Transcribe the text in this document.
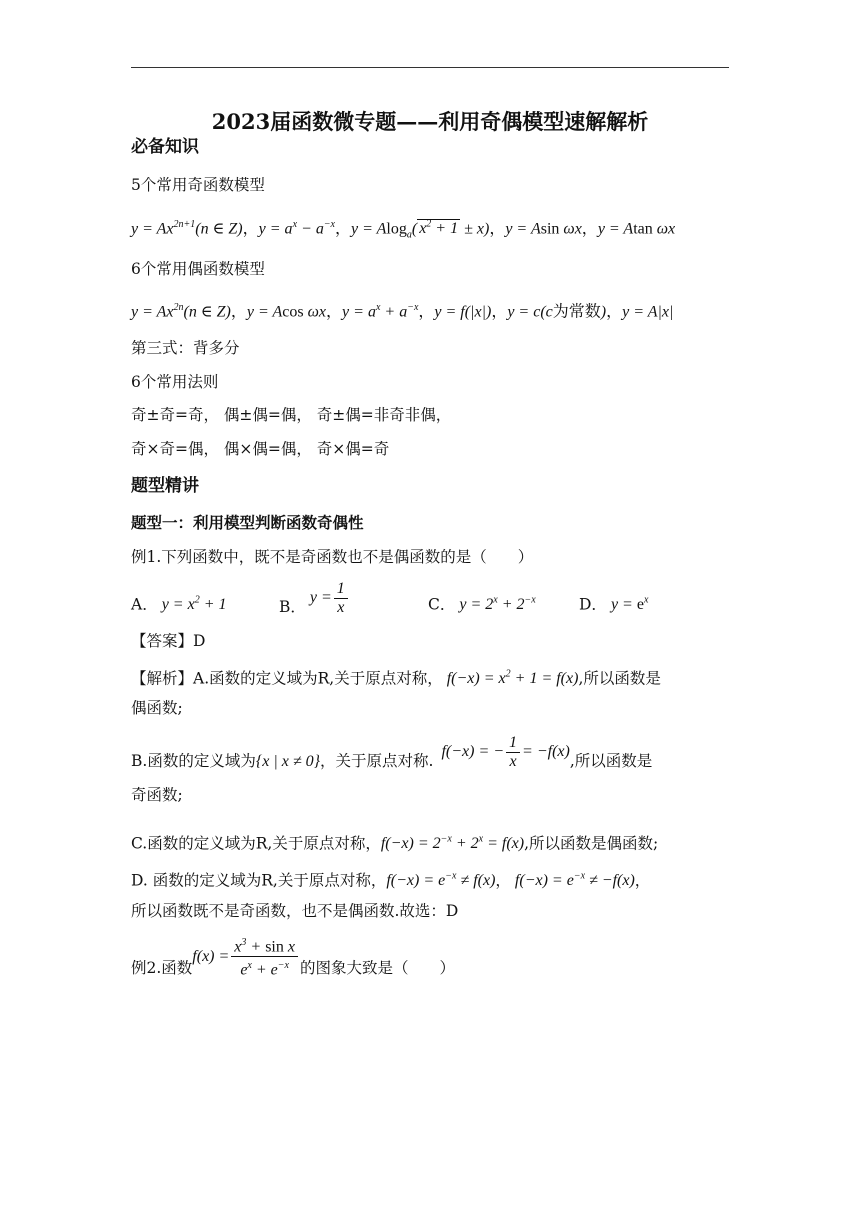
2023届函数微专题——利用奇偶模型速解解析
必备知识
5个常用奇函数模型
$y = Ax^{2n+1}(n$ ∈ Z)，$y = a^x - a^{-x}$，y = Alog$_a$( $x^2 + 1 \pm x$)，y = Asin ωx，y = Atan ωx
6个常用偶函数模型
$y = Ax^{2n}(n$ ∈ Z)，y = Acos ωx，$y = a^x + a^{-x}$，y = f(|x|)，y = c(c为常数)，y = A|x|
第三式：背多分
6个常用法则
奇±奇=奇， 偶±偶=偶， 奇±偶=非奇非偶，
奇×奇=偶， 偶×偶=偶， 奇×偶=奇
题型精讲
题型一：利用模型判断函数奇偶性
例1.下列函数中，既不是奇函数也不是偶函数的是（　　）
A． $y = x^2 + 1$	B． $y = \frac{1}{x}$	C． $y = 2^x + 2^{-x}$	D． $y = e^x$
【答案】D
【解析】A.函数的定义域为R,关于原点对称， $f(-x) = x^2 + 1 = f(x)$,所以函数是
偶函数;
B.函数的定义域为{x | x ≠ 0}，关于原点对称.  f(−x) = − $\frac{1}{x} = -f(x)$,所以函数是
奇函数;
C.函数的定义域为R,关于原点对称，$f(-x) = 2^{-x} + 2^x = f(x)$,所以函数是偶函数;
D. 函数的定义域为R,关于原点对称，$f(-x) = e^{-x} \ne f(x)$， $f(-x) = e^{-x} \ne -f(x)$，
所以函数既不是奇函数，也不是偶函数.故选：D
例2.函数$f(x) = \frac{x^3 + \sin x}{e^x + e^{-x}}$ 的图象大致是（　　）
